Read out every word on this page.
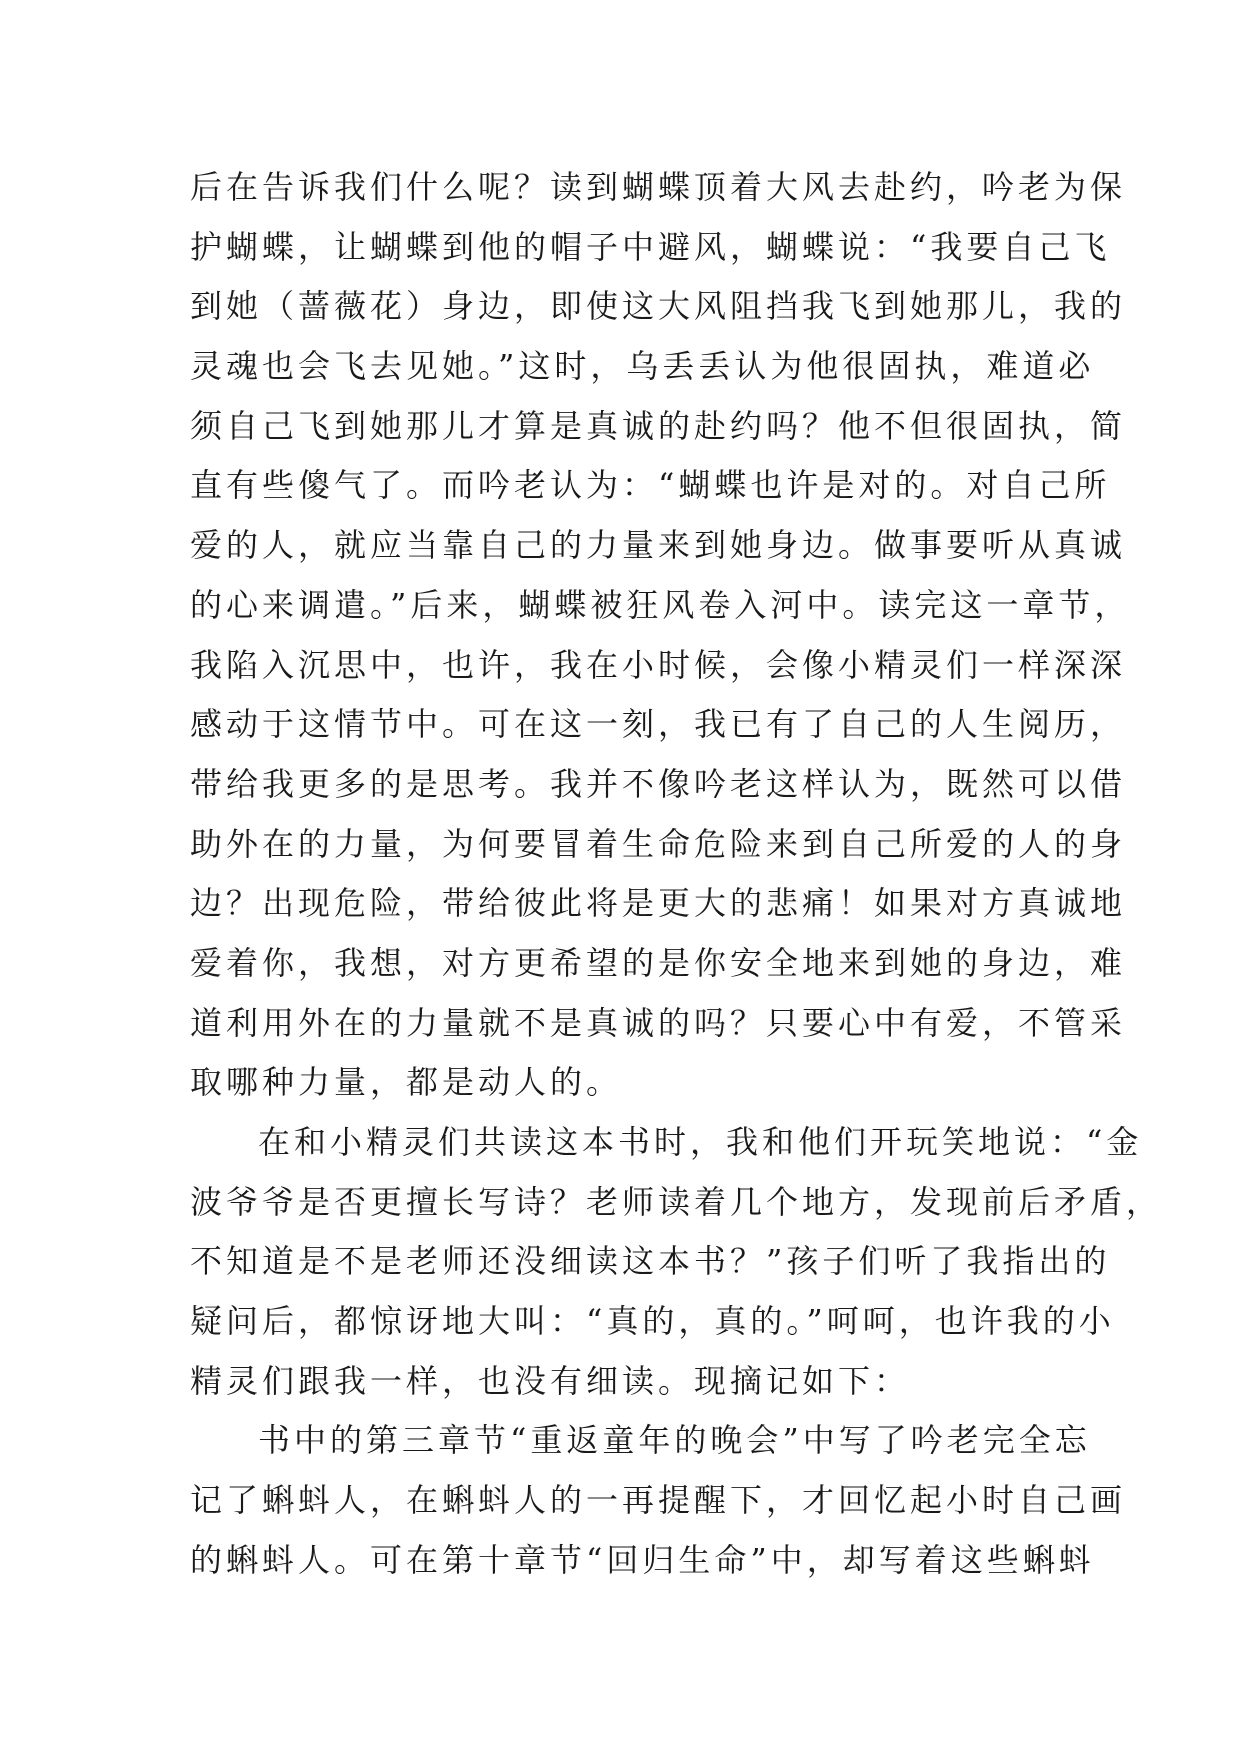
后在告诉我们什么呢？读到蝴蝶顶着大风去赴约，吟老为保
护蝴蝶，让蝴蝶到他的帽子中避风，蝴蝶说：“我要自己飞
到她（蔷薇花）身边，即使这大风阻挡我飞到她那儿，我的
灵魂也会飞去见她。”这时，乌丢丢认为他很固执，难道必
须自己飞到她那儿才算是真诚的赴约吗？他不但很固执，简
直有些傻气了。而吟老认为：“蝴蝶也许是对的。对自己所
爱的人，就应当靠自己的力量来到她身边。做事要听从真诚
的心来调遣。”后来，蝴蝶被狂风卷入河中。读完这一章节，
我陷入沉思中，也许，我在小时候，会像小精灵们一样深深
感动于这情节中。可在这一刻，我已有了自己的人生阅历，
带给我更多的是思考。我并不像吟老这样认为，既然可以借
助外在的力量，为何要冒着生命危险来到自己所爱的人的身
边？出现危险，带给彼此将是更大的悲痛！如果对方真诚地
爱着你，我想，对方更希望的是你安全地来到她的身边，难
道利用外在的力量就不是真诚的吗？只要心中有爱，不管采
取哪种力量，都是动人的。
在和小精灵们共读这本书时，我和他们开玩笑地说：“金
波爷爷是否更擅长写诗？老师读着几个地方，发现前后矛盾，
不知道是不是老师还没细读这本书？”孩子们听了我指出的
疑问后，都惊讶地大叫：“真的，真的。”呵呵，也许我的小
精灵们跟我一样，也没有细读。现摘记如下：
书中的第三章节“重返童年的晚会”中写了吟老完全忘
记了蝌蚪人，在蝌蚪人的一再提醒下，才回忆起小时自己画
的蝌蚪人。可在第十章节“回归生命”中，却写着这些蝌蚪
